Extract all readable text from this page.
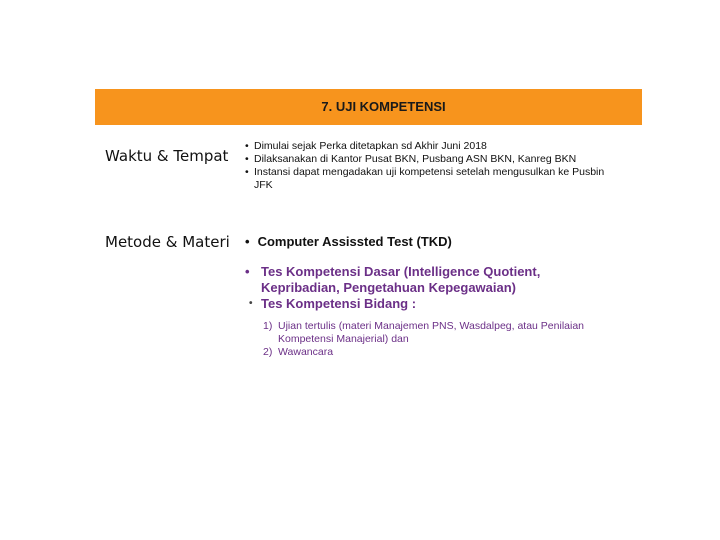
7. UJI KOMPETENSI
Waktu & Tempat
• Dimulai sejak Perka ditetapkan sd Akhir Juni 2018
• Dilaksanakan di Kantor Pusat BKN, Pusbang ASN BKN, Kanreg BKN
• Instansi dapat mengadakan uji kompetensi setelah mengusulkan ke Pusbin JFK
Metode & Materi • Computer Assissted Test (TKD)
• Tes Kompetensi Dasar (Intelligence Quotient, Kepribadian, Pengetahuan Kepegawaian)
• Tes Kompetensi Bidang :
1) Ujian tertulis (materi Manajemen PNS, Wasdalpeg, atau Penilaian Kompetensi Manajerial) dan
2) Wawancara
